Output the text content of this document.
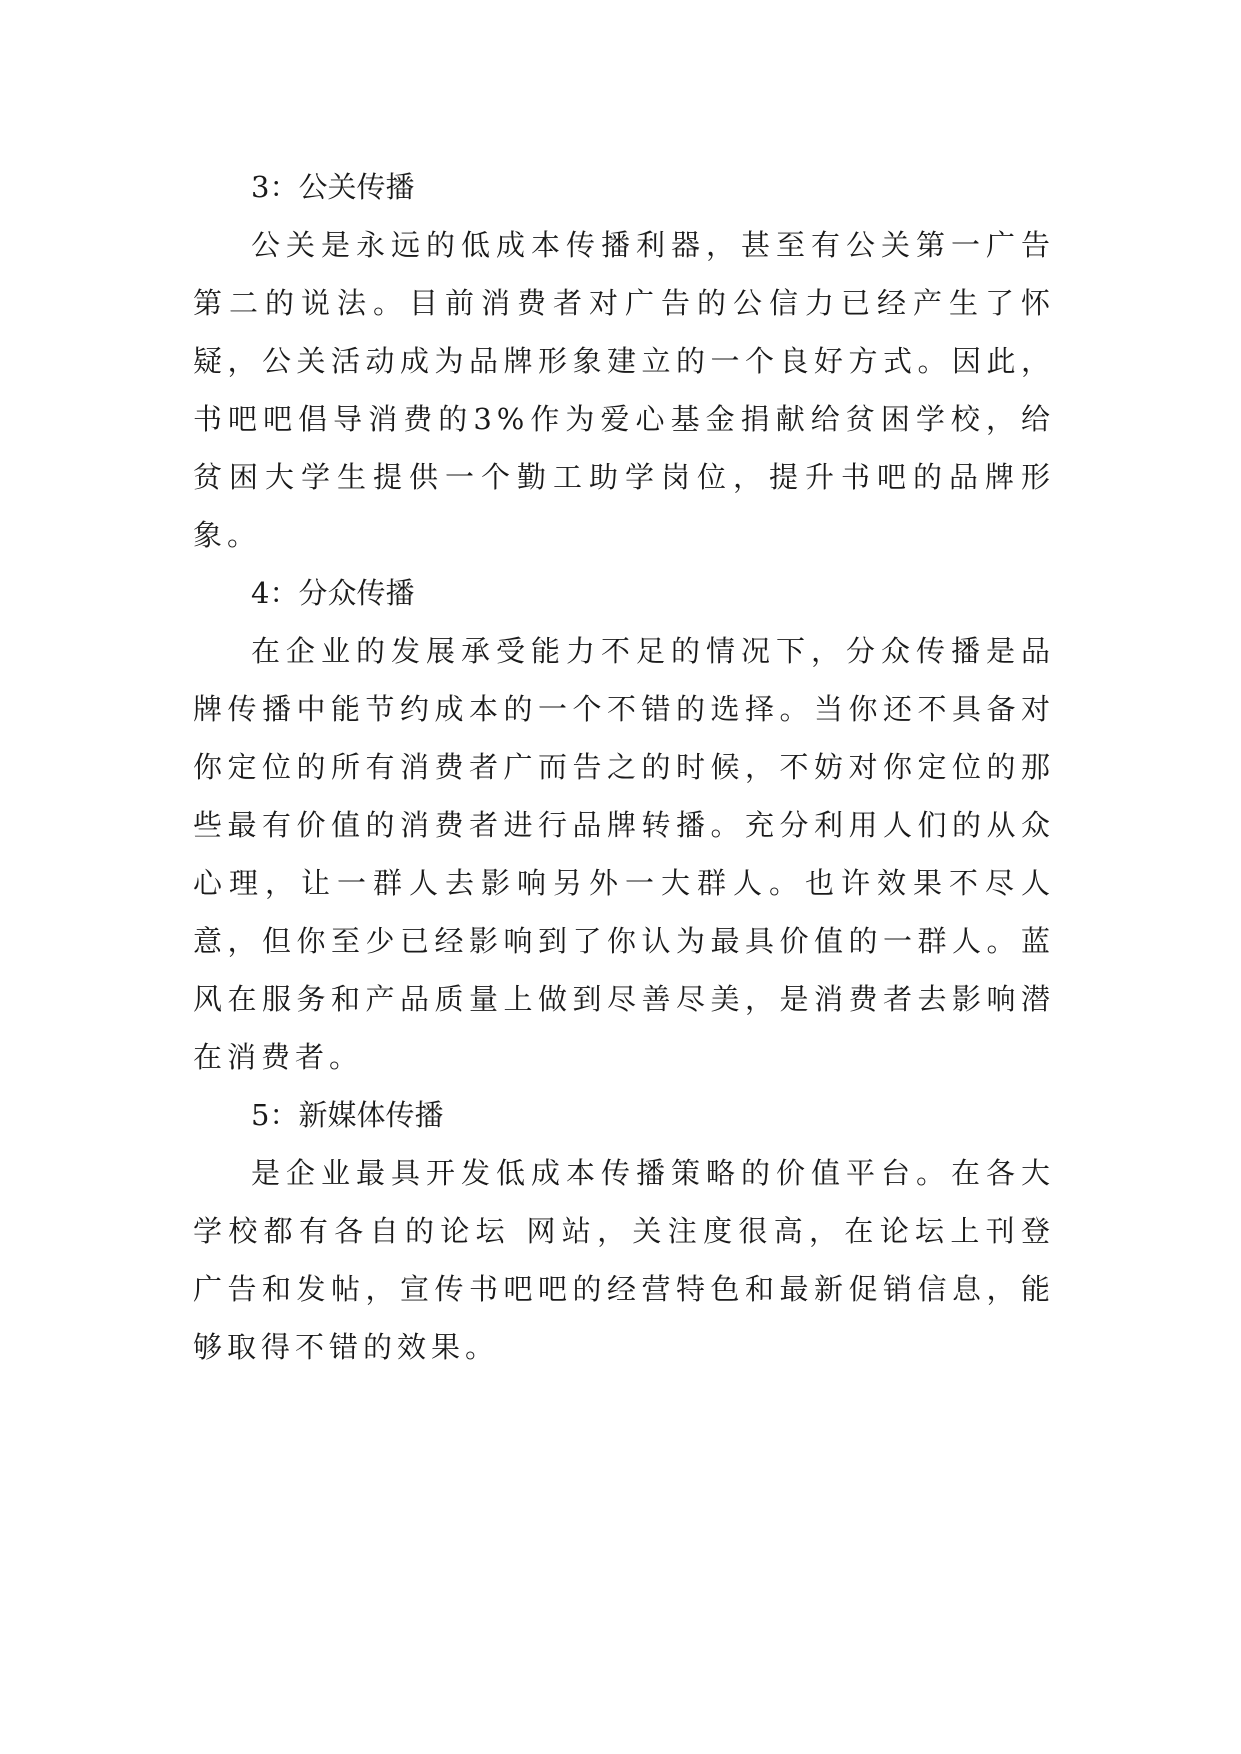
3：公关传播

公关是永远的低成本传播利器，甚至有公关第一广告第二的说法。目前消费者对广告的公信力已经产生了怀疑，公关活动成为品牌形象建立的一个良好方式。因此，书吧吧倡导消费的3%作为爱心基金捐献给贫困学校，给贫困大学生提供一个勤工助学岗位，提升书吧的品牌形象。

4：分众传播

在企业的发展承受能力不足的情况下，分众传播是品牌传播中能节约成本的一个不错的选择。当你还不具备对你定位的所有消费者广而告之的时候，不妨对你定位的那些最有价值的消费者进行品牌转播。充分利用人们的从众心理，让一群人去影响另外一大群人。也许效果不尽人意，但你至少已经影响到了你认为最具价值的一群人。蓝风在服务和产品质量上做到尽善尽美，是消费者去影响潜在消费者。

5：新媒体传播

是企业最具开发低成本传播策略的价值平台。在各大学校都有各自的论坛 网站，关注度很高，在论坛上刊登广告和发帖，宣传书吧吧的经营特色和最新促销信息，能够取得不错的效果。
